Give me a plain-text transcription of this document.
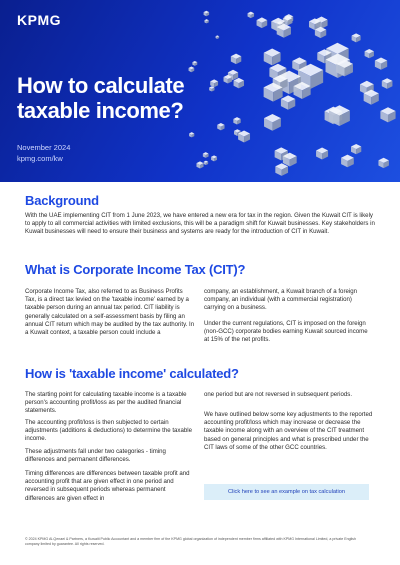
KPMG
How to calculate
taxable income?
November 2024
kpmg.com/kw
Background
With the UAE implementing CIT from 1 June 2023, we have entered a new era for tax in the region. Given the Kuwait CIT is likely to apply to all commercial activities with limited exclusions, this will be a paradigm shift for Kuwait businesses. Key stakeholders in Kuwait businesses will need to ensure their business and systems are ready for the introduction of CIT in Kuwait.
What is Corporate Income Tax (CIT)?
Corporate Income Tax, also referred to as Business Profits Tax, is a direct tax levied on the 'taxable income' earned by a taxable person during an annual tax period. CIT liability is generally calculated on a self-assessment basis by filing an annual CIT return which may be audited by the tax authority. In a Kuwait context, a taxable person could include a
company, an establishment, a Kuwait branch of a foreign company, an individual (with a commercial registration) carrying on a business.
Under the current regulations, CIT is imposed on the foreign (non-GCC) corporate bodies earning Kuwait sourced income at 15% of the net profits.
How is 'taxable income' calculated?
The starting point for calculating taxable income is a taxable person's accounting profit/loss as per the audited financial statements.
The accounting profit/loss is then subjected to certain adjustments (additions & deductions) to determine the taxable income.
These adjustments fall under two categories - timing differences and permanent differences.
Timing differences are differences between taxable profit and accounting profit that are given effect in one period and reversed in subsequent periods whereas permanent differences are given effect in
one period but are not reversed in subsequent periods.
We have outlined below some key adjustments to the reported accounting profit/loss which may increase or decrease the taxable income along with an overview of the CIT treatment based on general principles and what is prescribed under the CIT laws of some of the other GCC countries.
Click here to see an example on tax calculation
© 2024 KPMG Al-Qenaei & Partners, a Kuwaiti Public Accountant and a member firm of the KPMG global organization of independent member firms affiliated with KPMG International Limited, a private English company limited by guarantee. All rights reserved.
